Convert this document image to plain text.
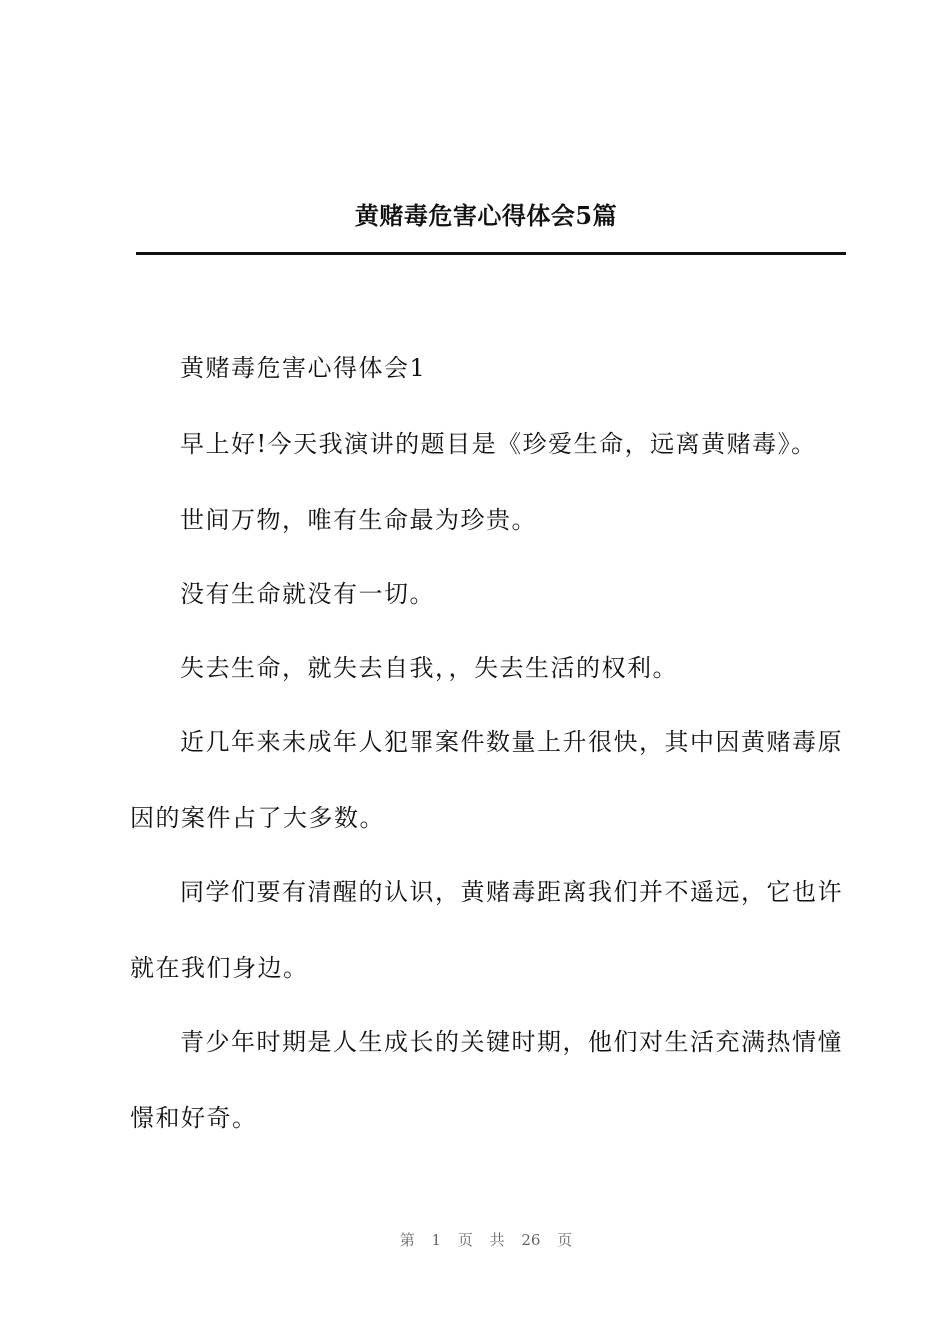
黄赌毒危害心得体会5篇
黄赌毒危害心得体会1
早上好!今天我演讲的题目是《珍爱生命，远离黄赌毒》。
世间万物，唯有生命最为珍贵。
没有生命就没有一切。
失去生命，就失去自我，，失去生活的权利。
近几年来未成年人犯罪案件数量上升很快，其中因黄赌毒原因的案件占了大多数。
同学们要有清醒的认识，黄赌毒距离我们并不遥远，它也许就在我们身边。
青少年时期是人生成长的关键时期，他们对生活充满热情憧憬和好奇。
第 1 页 共 26 页
